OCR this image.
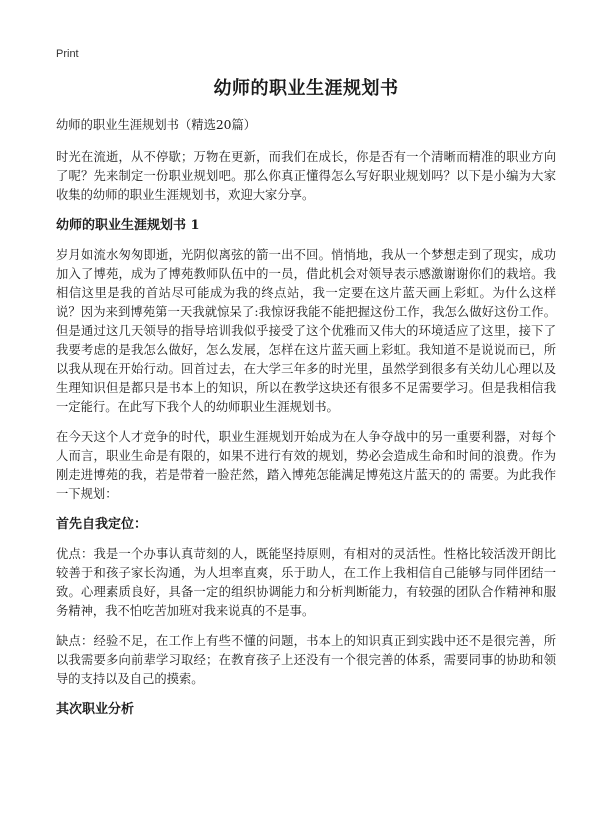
Print
幼师的职业生涯规划书

幼师的职业生涯规划书（精选20篇）

时光在流逝，从不停歇；万物在更新，而我们在成长，你是否有一个清晰而精准的职业方向了呢？先来制定一份职业规划吧。那么你真正懂得怎么写好职业规划吗？以下是小编为大家收集的幼师的职业生涯规划书，欢迎大家分享。

幼师的职业生涯规划书 1

岁月如流水匆匆即逝，光阴似离弦的箭一出不回。悄悄地，我从一个梦想走到了现实，成功加入了博苑，成为了博苑教师队伍中的一员，借此机会对领导表示感激谢谢你们的栽培。我相信这里是我的首站尽可能成为我的终点站，我一定要在这片蓝天画上彩虹。为什么这样说？因为来到博苑第一天我就惊呆了:我惊讶我能不能把握这份工作，我怎么做好这份工作。但是通过这几天领导的指导培训我似乎接受了这个优雅而又伟大的环境适应了这里，接下了我要考虑的是我怎么做好，怎么发展，怎样在这片蓝天画上彩虹。我知道不是说说而已，所以我从现在开始行动。回首过去，在大学三年多的时光里，虽然学到很多有关幼儿心理以及生理知识但是都只是书本上的知识，所以在教学这块还有很多不足需要学习。但是我相信我一定能行。在此写下我个人的幼师职业生涯规划书。

在今天这个人才竞争的时代，职业生涯规划开始成为在人争夺战中的另一重要利器，对每个人而言，职业生命是有限的，如果不进行有效的规划，势必会造成生命和时间的浪费。作为刚走进博苑的我，若是带着一脸茫然，踏入博苑怎能满足博苑这片蓝天的的 需要。为此我作一下规划：

首先自我定位：

优点：我是一个办事认真苛刻的人，既能坚持原则，有相对的灵活性。性格比较活泼开朗比较善于和孩子家长沟通，为人坦率直爽，乐于助人，在工作上我相信自己能够与同伴团结一致。心理素质良好，具备一定的组织协调能力和分析判断能力，有较强的团队合作精神和服务精神，我不怕吃苦加班对我来说真的不是事。

缺点：经验不足，在工作上有些不懂的问题，书本上的知识真正到实践中还不是很完善，所以我需要多向前辈学习取经；在教育孩子上还没有一个很完善的体系，需要同事的协助和领导的支持以及自己的摸索。

其次职业分析
